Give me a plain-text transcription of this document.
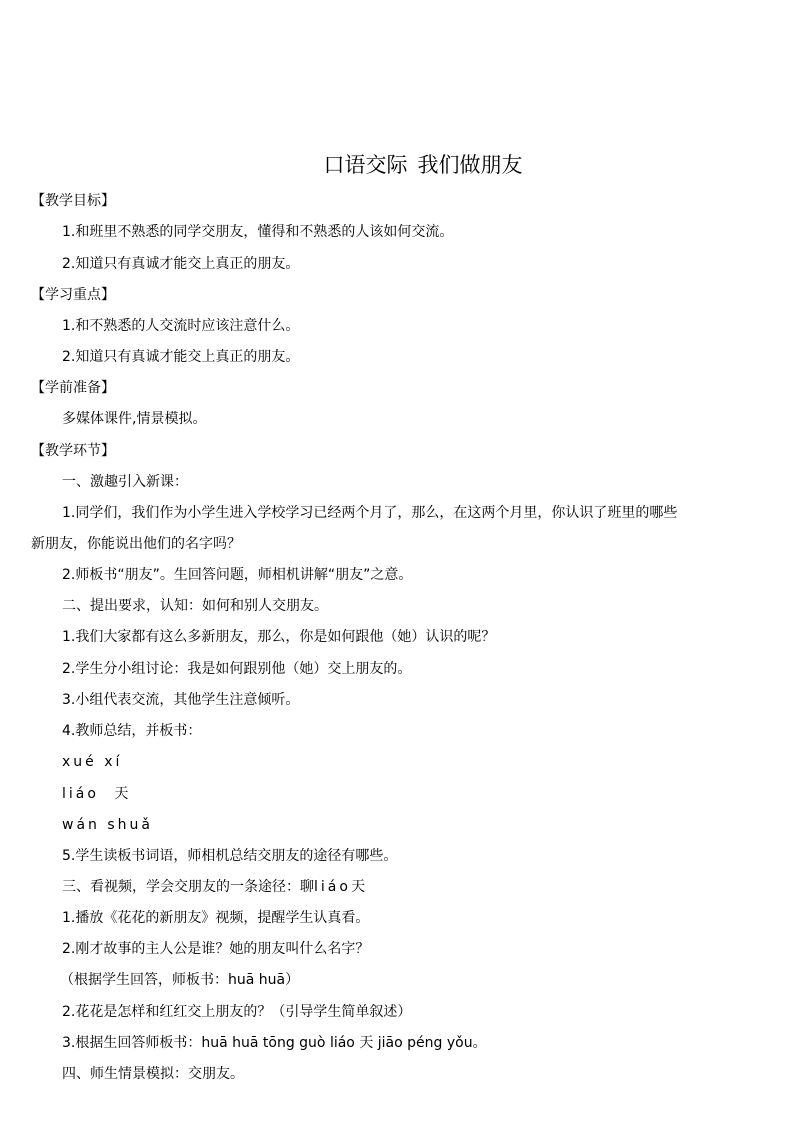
口语交际 我们做朋友
【教学目标】
1.和班里不熟悉的同学交朋友，懂得和不熟悉的人该如何交流。
2.知道只有真诚才能交上真正的朋友。
【学习重点】
1.和不熟悉的人交流时应该注意什么。
2.知道只有真诚才能交上真正的朋友。
【学前准备】
多媒体课件,情景模拟。
【教学环节】
一、激趣引入新课：
1.同学们，我们作为小学生进入学校学习已经两个月了，那么，在这两个月里，你认识了班里的哪些
新朋友，你能说出他们的名字吗？
2.师板书“朋友”。生回答问题，师相机讲解“朋友”之意。
二、提出要求，认知：如何和别人交朋友。
1.我们大家都有这么多新朋友，那么，你是如何跟他（她）认识的呢？
2.学生分小组讨论：我是如何跟别他（她）交上朋友的。
3.小组代表交流，其他学生注意倾听。
4.教师总结，并板书：
xué xí
liáo 天
wán shuǎ
5.学生读板书词语，师相机总结交朋友的途径有哪些。
三、看视频，学会交朋友的一条途径：聊liáo天
1.播放《花花的新朋友》视频，提醒学生认真看。
2.刚才故事的主人公是谁？她的朋友叫什么名字？
（根据学生回答，师板书：huā huā）
2.花花是怎样和红红交上朋友的？（引导学生简单叙述）
3.根据生回答师板书：huā huā tōng guò liáo 天 jiāo péng yǒu。
四、师生情景模拟：交朋友。
